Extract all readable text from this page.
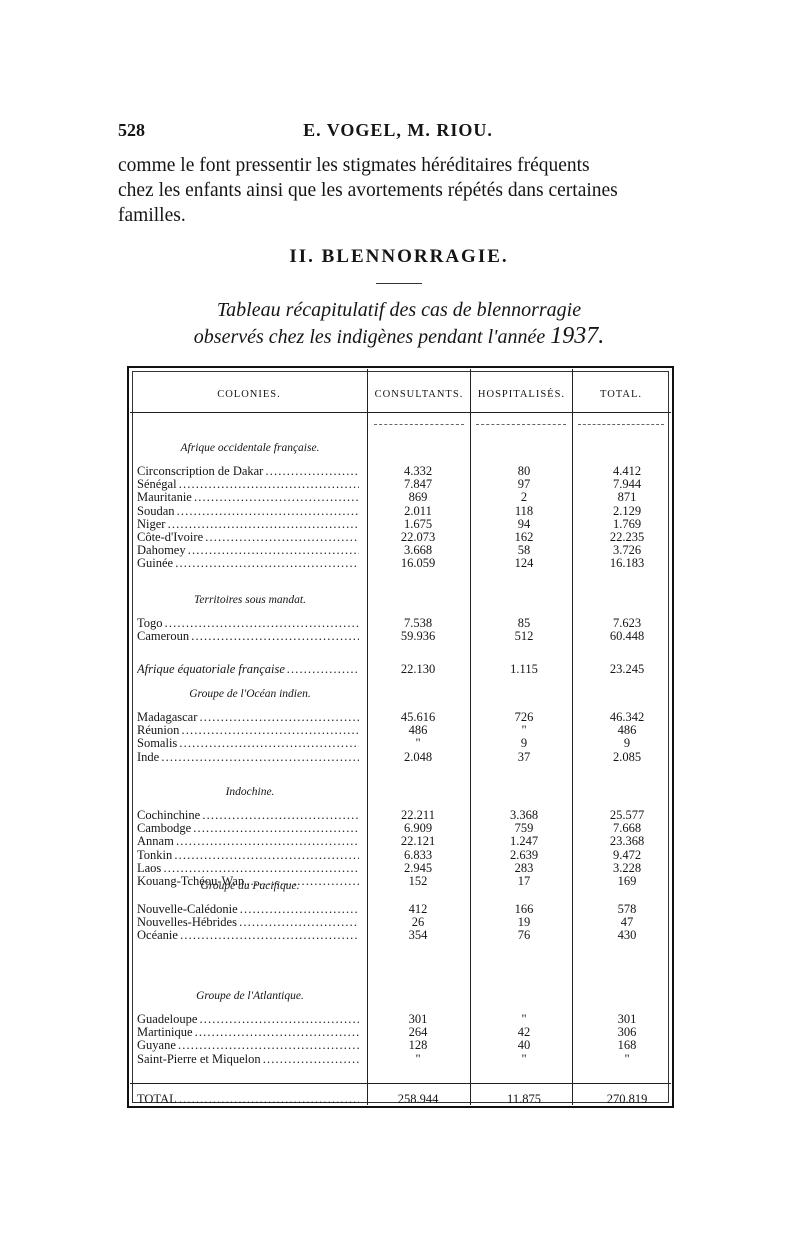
528	E. VOGEL, M. RIOU.
comme le font pressentir les stigmates héréditaires fréquents
chez les enfants ainsi que les avortements répétés dans certaines
familles.
II. BLENNORRAGIE.
Tableau récapitulatif des cas de blennorragie
observés chez les indigènes pendant l'année 1937.
COLONIES.	CONSULTANTS.	HOSPITALISÉS.	TOTAL.
Afrique occidentale française.
Circonscription de Dakar . . .	4.332	80	4.412
Sénégal . . .	7.847	97	7.944
Mauritanie . . .	869	2	871
Soudan . . .	2.011	118	2.129
Niger . . .	1.675	94	1.769
Côte-d'Ivoire . . .	22.073	162	22.235
Dahomey . . .	3.668	58	3.726
Guinée . . .	16.059	124	16.183
Territoires sous mandat.
Togo . . .	7.538	85	7.623
Cameroun . . .	59.936	512	60.448
Afrique équatoriale française . . .	22.130	1.115	23.245
Groupe de l'Océan indien.
Madagascar . . .	45.616	726	46.342
Réunion . . .	486	"	486
Somalis . . .	"	9	9
Inde . . .	2.048	37	2.085
Indochine.
Cochinchine . . .	22.211	3.368	25.577
Cambodge . . .	6.909	759	7.668
Annam . . .	22.121	1.247	23.368
Tonkin . . .	6.833	2.639	9.472
Laos . . .	2.945	283	3.228
Kouang-Tchéou-Wan . . .	152	17	169
Groupe du Pacifique.
Nouvelle-Calédonie . . .	412	166	578
Nouvelles-Hébrides . . .	26	19	47
Océanie . . .	354	76	430
Groupe de l'Atlantique.
Guadeloupe . . .	301	"	301
Martinique . . .	264	42	306
Guyane . . .	128	40	168
Saint-Pierre et Miquelon . . .	"	"	"
TOTAL . . .	258.944	11.875	270.819
